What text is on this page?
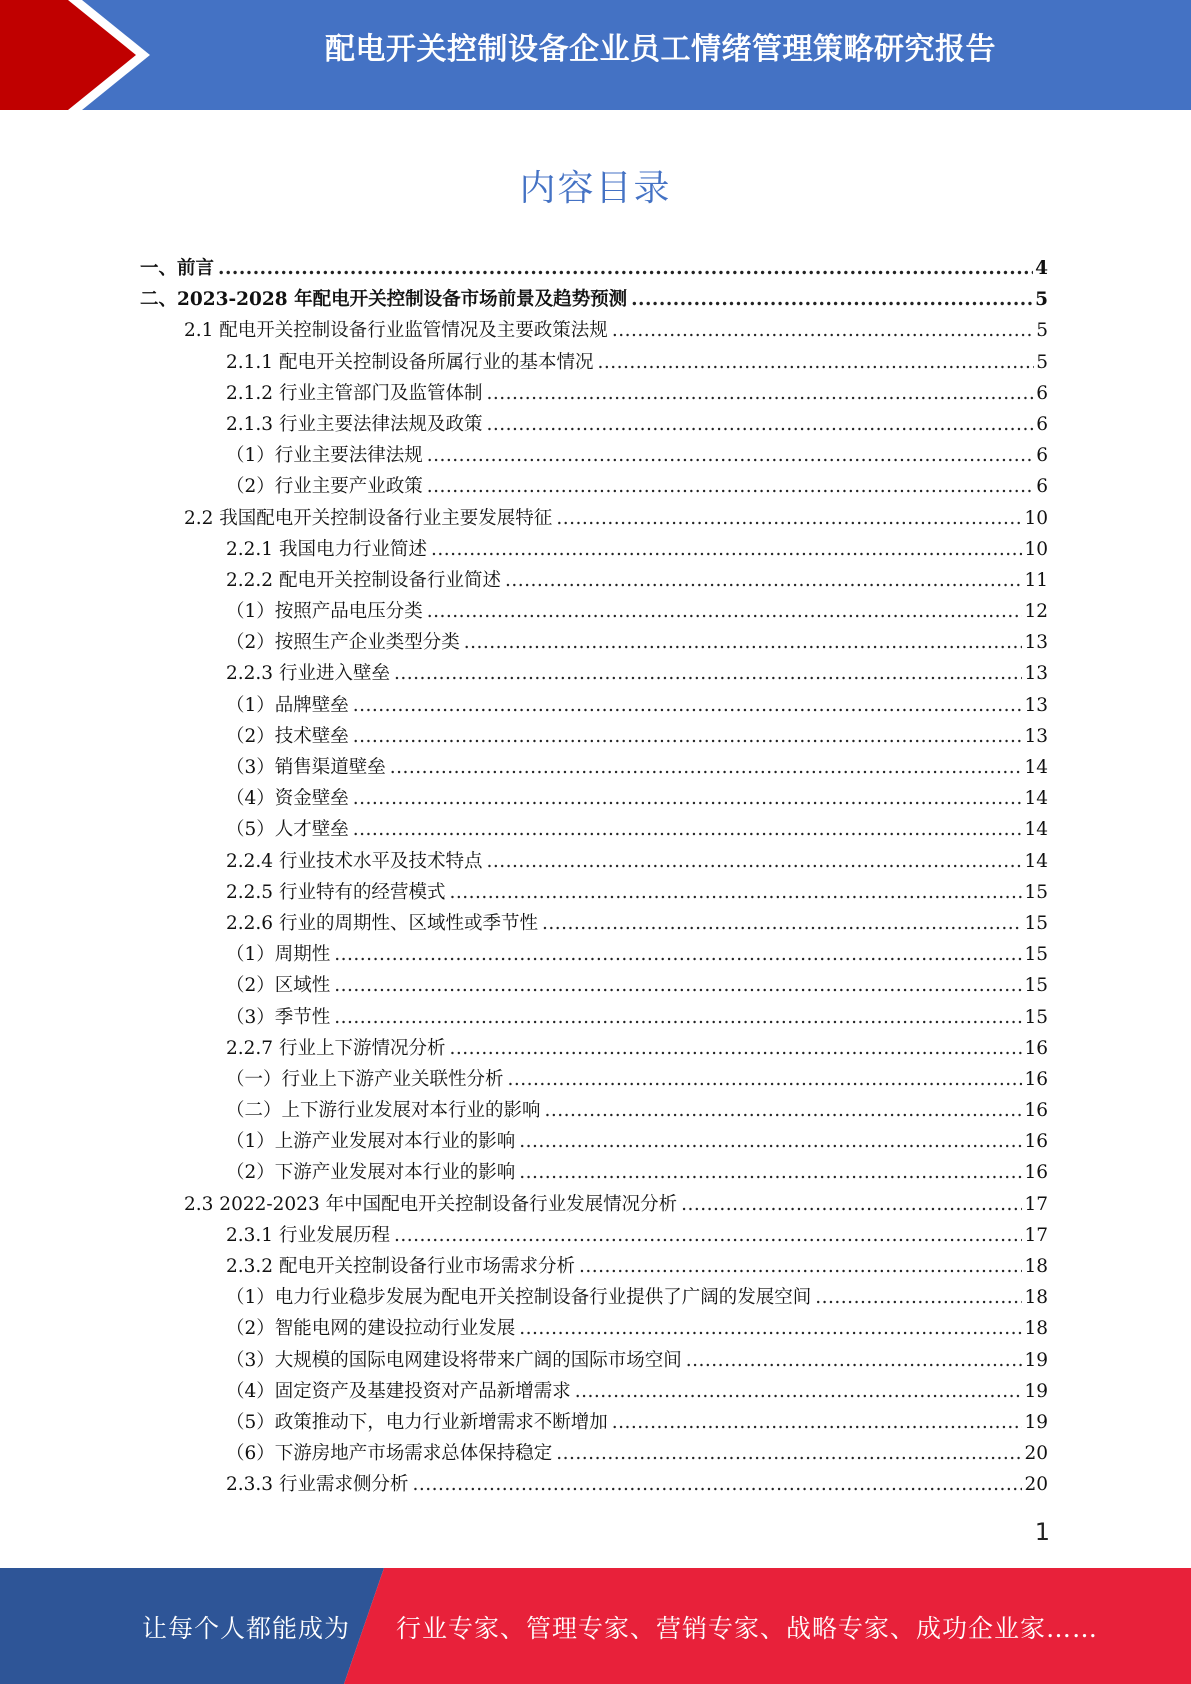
配电开关控制设备企业员工情绪管理策略研究报告
内容目录
一、前言 .....	4
二、2023-2028 年配电开关控制设备市场前景及趋势预测 .....	5
2.1 配电开关控制设备行业监管情况及主要政策法规 .....	5
2.1.1 配电开关控制设备所属行业的基本情况 .....	5
2.1.2 行业主管部门及监管体制 .....	6
2.1.3 行业主要法律法规及政策 .....	6
（1）行业主要法律法规 .....	6
（2）行业主要产业政策 .....	6
2.2 我国配电开关控制设备行业主要发展特征 .....	10
2.2.1 我国电力行业简述 .....	10
2.2.2 配电开关控制设备行业简述 .....	11
（1）按照产品电压分类 .....	12
（2）按照生产企业类型分类 .....	13
2.2.3 行业进入壁垒 .....	13
（1）品牌壁垒 .....	13
（2）技术壁垒 .....	13
（3）销售渠道壁垒 .....	14
（4）资金壁垒 .....	14
（5）人才壁垒 .....	14
2.2.4 行业技术水平及技术特点 .....	14
2.2.5 行业特有的经营模式 .....	15
2.2.6 行业的周期性、区域性或季节性 .....	15
（1）周期性 .....	15
（2）区域性 .....	15
（3）季节性 .....	15
2.2.7 行业上下游情况分析 .....	16
（一）行业上下游产业关联性分析 .....	16
（二）上下游行业发展对本行业的影响 .....	16
（1）上游产业发展对本行业的影响 .....	16
（2）下游产业发展对本行业的影响 .....	16
2.3 2022-2023 年中国配电开关控制设备行业发展情况分析 .....	17
2.3.1 行业发展历程 .....	17
2.3.2 配电开关控制设备行业市场需求分析 .....	18
（1）电力行业稳步发展为配电开关控制设备行业提供了广阔的发展空间 .....	18
（2）智能电网的建设拉动行业发展 .....	18
（3）大规模的国际电网建设将带来广阔的国际市场空间 .....	19
（4）固定资产及基建投资对产品新增需求 .....	19
（5）政策推动下，电力行业新增需求不断增加 .....	19
（6）下游房地产市场需求总体保持稳定 .....	20
2.3.3 行业需求侧分析 .....	20
1
让每个人都能成为 行业专家、管理专家、营销专家、战略专家、成功企业家……
